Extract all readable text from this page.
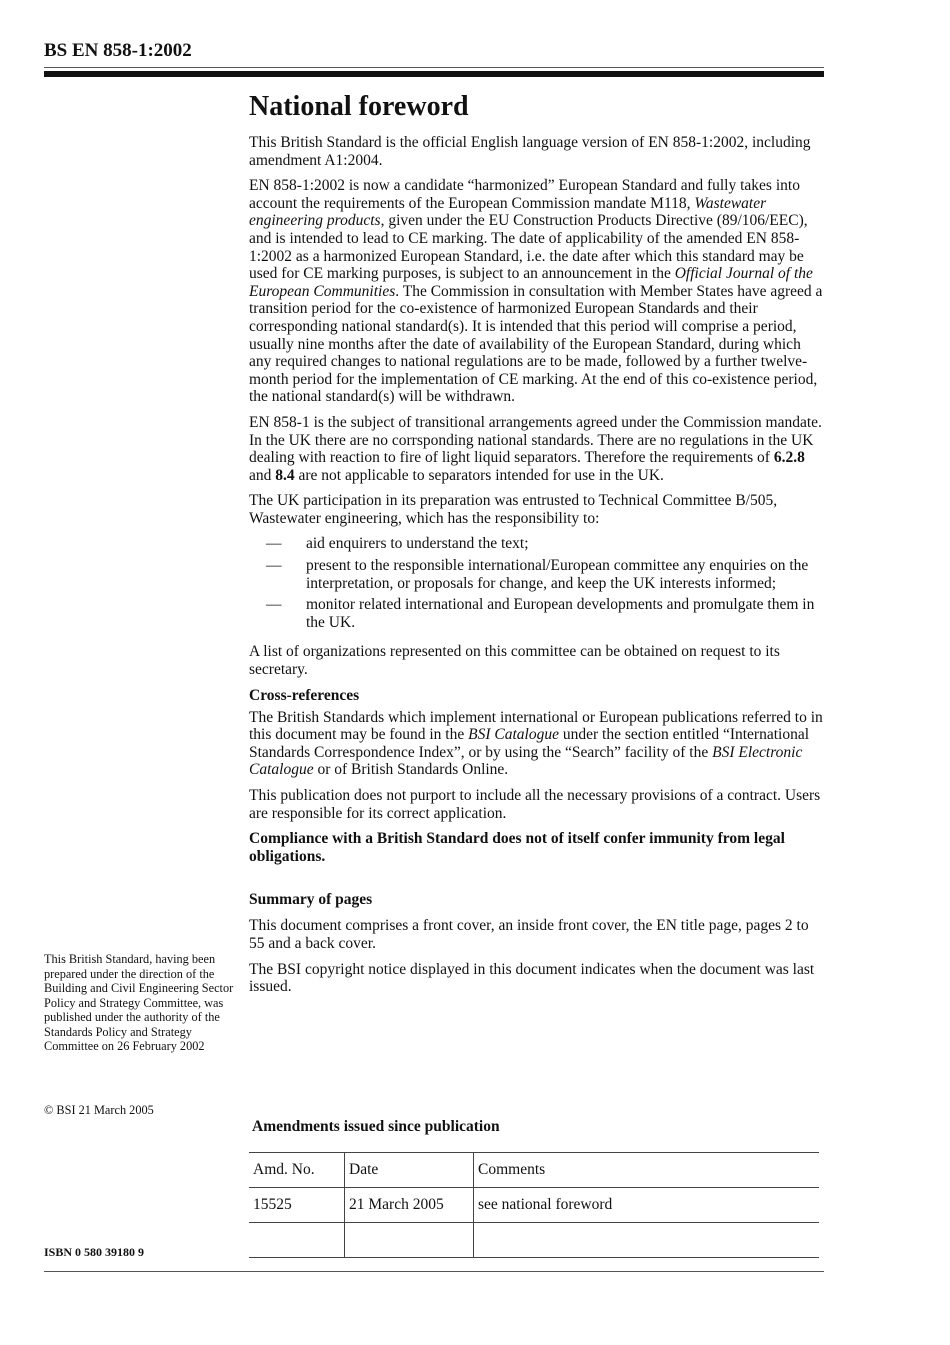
BS EN 858-1:2002
National foreword

This British Standard is the official English language version of EN 858-1:2002, including amendment A1:2004.

EN 858-1:2002 is now a candidate “harmonized” European Standard and fully takes into account the requirements of the European Commission mandate M118, Wastewater engineering products, given under the EU Construction Products Directive (89/106/EEC), and is intended to lead to CE marking. The date of applicability of the amended EN 858-1:2002 as a harmonized European Standard, i.e. the date after which this standard may be used for CE marking purposes, is subject to an announcement in the Official Journal of the European Communities. The Commission in consultation with Member States have agreed a transition period for the co-existence of harmonized European Standards and their corresponding national standard(s). It is intended that this period will comprise a period, usually nine months after the date of availability of the European Standard, during which any required changes to national regulations are to be made, followed by a further twelve-month period for the implementation of CE marking. At the end of this co-existence period, the national standard(s) will be withdrawn.

EN 858-1 is the subject of transitional arrangements agreed under the Commission mandate. In the UK there are no corrsponding national standards. There are no regulations in the UK dealing with reaction to fire of light liquid separators. Therefore the requirements of 6.2.8 and 8.4 are not applicable to separators intended for use in the UK.

The UK participation in its preparation was entrusted to Technical Committee B/505, Wastewater engineering, which has the responsibility to:

— aid enquirers to understand the text;
— present to the responsible international/European committee any enquiries on the interpretation, or proposals for change, and keep the UK interests informed;
— monitor related international and European developments and promulgate them in the UK.

A list of organizations represented on this committee can be obtained on request to its secretary.

Cross-references

The British Standards which implement international or European publications referred to in this document may be found in the BSI Catalogue under the section entitled “International Standards Correspondence Index”, or by using the “Search” facility of the BSI Electronic Catalogue or of British Standards Online.

This publication does not purport to include all the necessary provisions of a contract. Users are responsible for its correct application.

Compliance with a British Standard does not of itself confer immunity from legal obligations.

Summary of pages

This document comprises a front cover, an inside front cover, the EN title page, pages 2 to 55 and a back cover.

The BSI copyright notice displayed in this document indicates when the document was last issued.

This British Standard, having been prepared under the direction of the Building and Civil Engineering Sector Policy and Strategy Committee, was published under the authority of the Standards Policy and Strategy Committee on 26 February 2002
© BSI 21 March 2005
ISBN 0 580 39180 9
Amendments issued since publication
Amd. No.	Date	Comments
15525	21 March 2005	see national foreword
